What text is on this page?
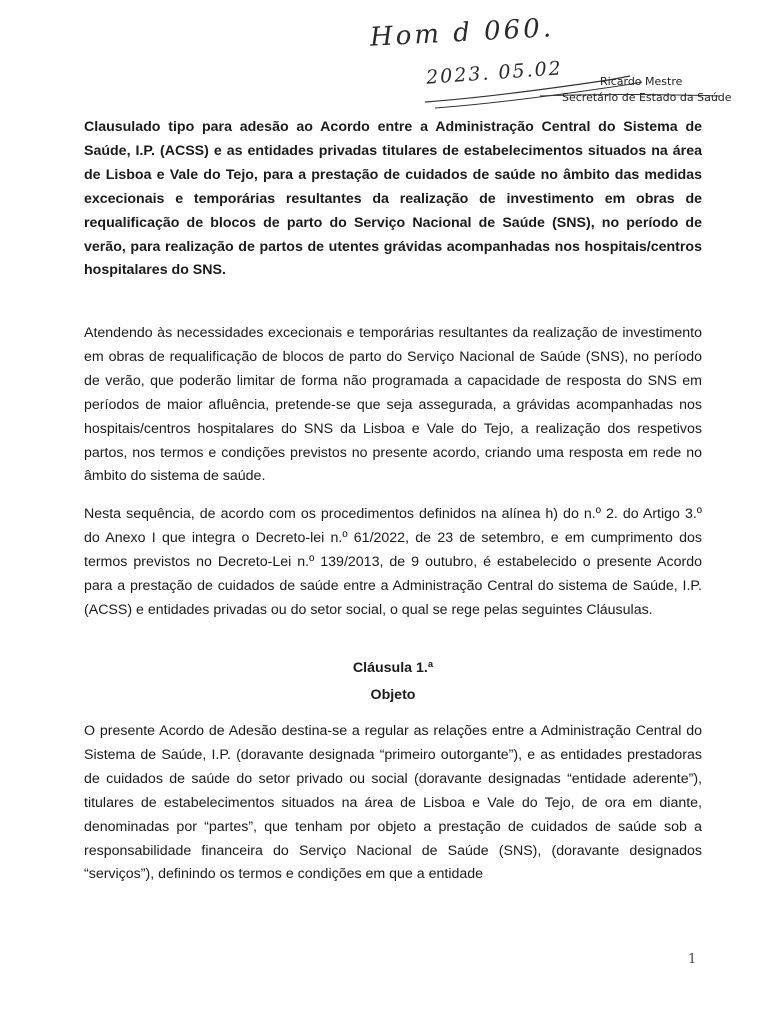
Hom d 060.
2023. 05.02	Ricardo Mestre
Secretário de Estado da Saúde
Clausulado tipo para adesão ao Acordo entre a Administração Central do Sistema de Saúde, I.P. (ACSS) e as entidades privadas titulares de estabelecimentos situados na área de Lisboa e Vale do Tejo, para a prestação de cuidados de saúde no âmbito das medidas excecionais e temporárias resultantes da realização de investimento em obras de requalificação de blocos de parto do Serviço Nacional de Saúde (SNS), no período de verão, para realização de partos de utentes grávidas acompanhadas nos hospitais/centros hospitalares do SNS.
Atendendo às necessidades excecionais e temporárias resultantes da realização de investimento em obras de requalificação de blocos de parto do Serviço Nacional de Saúde (SNS), no período de verão, que poderão limitar de forma não programada a capacidade de resposta do SNS em períodos de maior afluência, pretende-se que seja assegurada, a grávidas acompanhadas nos hospitais/centros hospitalares do SNS da Lisboa e Vale do Tejo, a realização dos respetivos partos, nos termos e condições previstos no presente acordo, criando uma resposta em rede no âmbito do sistema de saúde.
Nesta sequência, de acordo com os procedimentos definidos na alínea h) do n.º 2. do Artigo 3.º do Anexo I que integra o Decreto-lei n.º 61/2022, de 23 de setembro, e em cumprimento dos termos previstos no Decreto-Lei n.º 139/2013, de 9 outubro, é estabelecido o presente Acordo para a prestação de cuidados de saúde entre a Administração Central do sistema de Saúde, I.P. (ACSS) e entidades privadas ou do setor social, o qual se rege pelas seguintes Cláusulas.
Cláusula 1.ª
Objeto
O presente Acordo de Adesão destina-se a regular as relações entre a Administração Central do Sistema de Saúde, I.P. (doravante designada “primeiro outorgante”), e as entidades prestadoras de cuidados de saúde do setor privado ou social (doravante designadas “entidade aderente”), titulares de estabelecimentos situados na área de Lisboa e Vale do Tejo, de ora em diante, denominadas por “partes”, que tenham por objeto a prestação de cuidados de saúde sob a responsabilidade financeira do Serviço Nacional de Saúde (SNS), (doravante designados “serviços”), definindo os termos e condições em que a entidade
1
